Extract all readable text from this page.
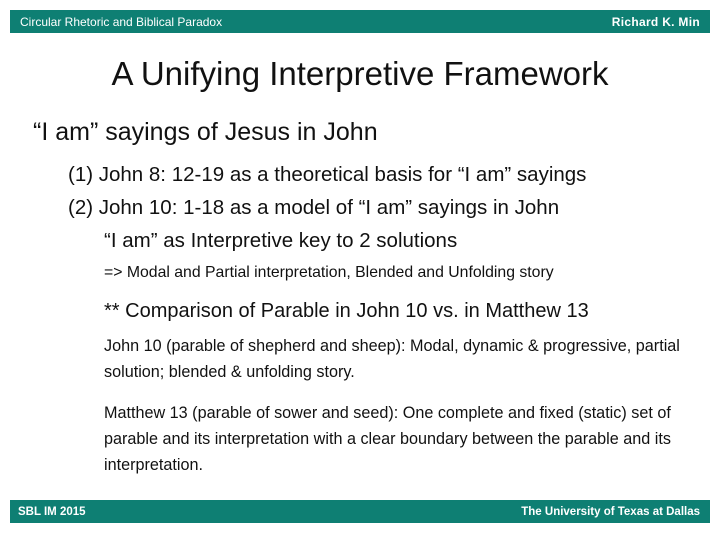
Circular Rhetoric and Biblical Paradox	Richard K. Min
A Unifying Interpretive Framework
“I am” sayings of Jesus in John
(1) John 8: 12-19 as a theoretical basis for “I am” sayings
(2) John 10: 1-18 as a model of “I am” sayings in John
“I am” as Interpretive key to 2 solutions
=> Modal and Partial interpretation, Blended and Unfolding story
** Comparison of Parable in John 10 vs. in Matthew 13
John 10 (parable of shepherd and sheep): Modal, dynamic & progressive, partial solution; blended & unfolding story.
Matthew 13 (parable of sower and seed): One complete and fixed (static) set of parable and its interpretation with a clear boundary between the parable and its interpretation.
SBL IM 2015	The University of Texas at Dallas
